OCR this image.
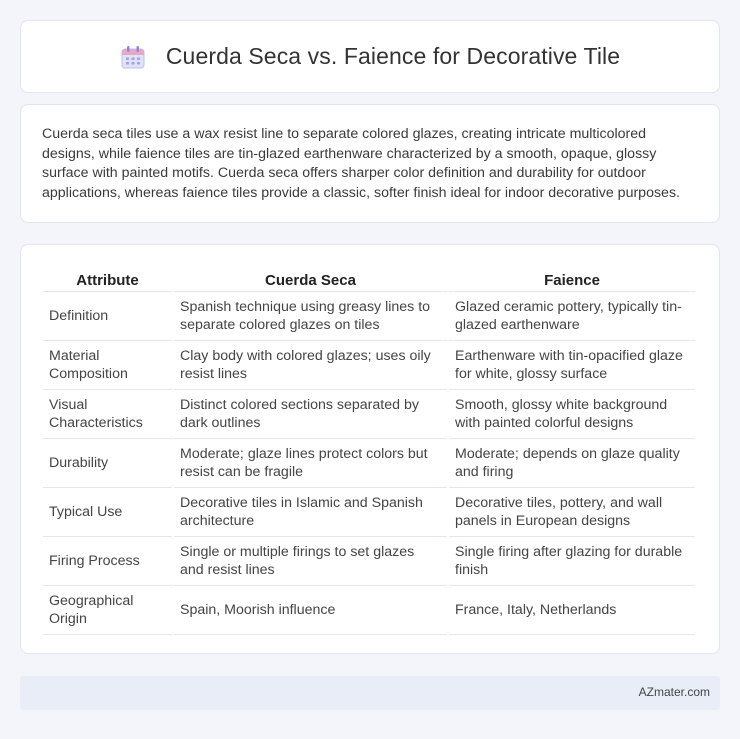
Cuerda Seca vs. Faience for Decorative Tile

Cuerda seca tiles use a wax resist line to separate colored glazes, creating intricate multicolored designs, while faience tiles are tin-glazed earthenware characterized by a smooth, opaque, glossy surface with painted motifs. Cuerda seca offers sharper color definition and durability for outdoor applications, whereas faience tiles provide a classic, softer finish ideal for indoor decorative purposes.

Attribute	Cuerda Seca	Faience
Definition	Spanish technique using greasy lines to separate colored glazes on tiles	Glazed ceramic pottery, typically tin-glazed earthenware
Material Composition	Clay body with colored glazes; uses oily resist lines	Earthenware with tin-opacified glaze for white, glossy surface
Visual Characteristics	Distinct colored sections separated by dark outlines	Smooth, glossy white background with painted colorful designs
Durability	Moderate; glaze lines protect colors but resist can be fragile	Moderate; depends on glaze quality and firing
Typical Use	Decorative tiles in Islamic and Spanish architecture	Decorative tiles, pottery, and wall panels in European designs
Firing Process	Single or multiple firings to set glazes and resist lines	Single firing after glazing for durable finish
Geographical Origin	Spain, Moorish influence	France, Italy, Netherlands
AZmater.com
